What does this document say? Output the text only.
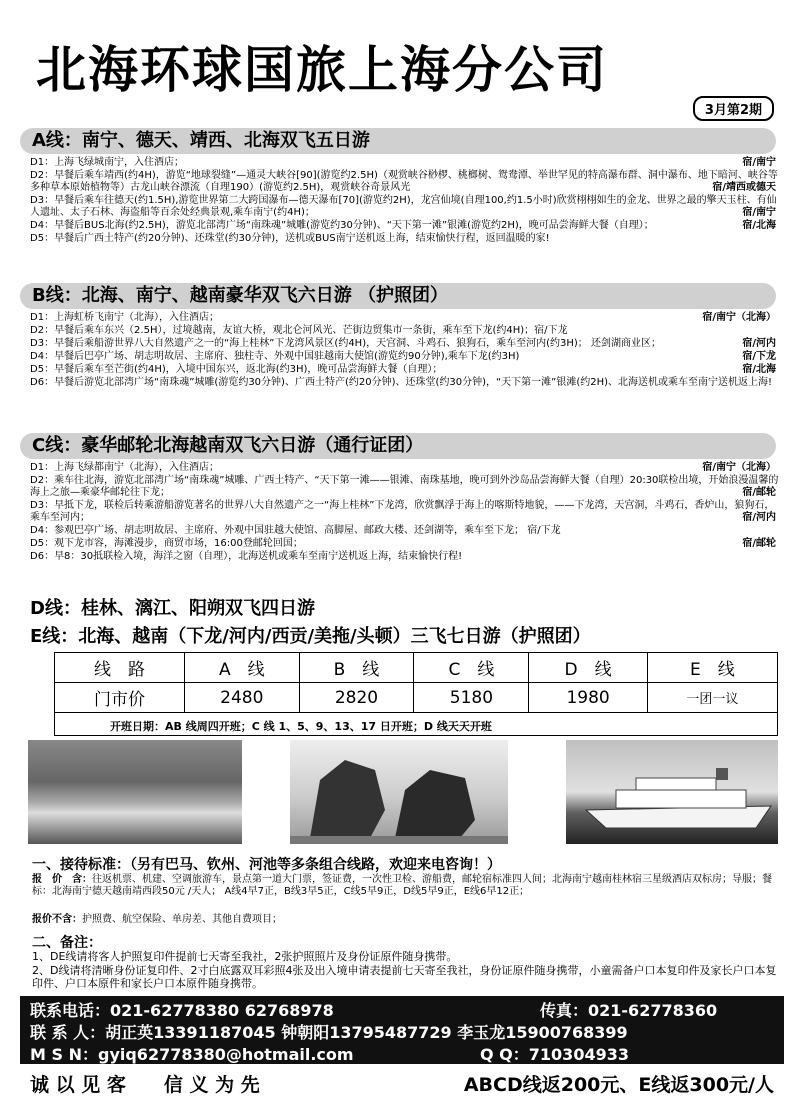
北海环球国旅上海分公司
3月第2期
A线：南宁、德天、靖西、北海双飞五日游
D1：上海飞绿城南宁，入住酒店；	宿/南宁
D2：早餐后乘车靖西(约4H)，游览“地球裂缝”—通灵大峡谷[90](游览约2.5H)（观赏峡谷桫椤、桃榔树、鸳鸯潭、举世罕见的特高瀑布群、洞中瀑布、地下暗河、峡谷等多种草本原始植物等）古龙山峡谷漂流（自理190）(游览约2.5H)，观赏峡谷奇景风光	宿/靖西或德天
D3：早餐后乘车往德天(约1.5H),游览世界第二大跨国瀑布—德天瀑布[70](游览约2H)，龙宫仙境(自理100,约1.5小时)欣赏栩栩如生的金龙、世界之最的擎天玉柱、有仙人遗址、太子石林、海盗船等百余处经典景观,乘车南宁(约4H)；	宿/南宁
D4：早餐后BUS北海(约2.5H)，游览北部湾广场“南珠魂”城雕(游览约30分钟)、“天下第一滩”银滩(游览约2H)，晚可品尝海鲜大餐（自理）；	宿/北海
D5：早餐后广西土特产(约20分钟)、还珠堂(约30分钟)，送机或BUS南宁送机返上海，结束愉快行程，返回温暖的家!
B线：北海、南宁、越南豪华双飞六日游 （护照团）
D1：上海虹桥飞南宁（北海），入住酒店；	宿/南宁（北海）
D2：早餐后乘车东兴（2.5H），过境越南，友谊大桥，观北仑河风光、芒街边贸集市一条街，乘车至下龙(约4H)；宿/下龙
D3：早餐后乘船游世界八大自然遗产之一的“海上桂林”下龙湾风景区(约4H)，天宫洞、斗鸡石、狼狗石，乘车至河内(约3H)； 还剑湖商业区；	宿/河内
D4：早餐后巴亭广场、胡志明故居、主席府、独柱寺、外观中国驻越南大使馆(游览约90分钟),乘车下龙(约3H)	宿/下龙
D5：早餐后乘车至芒街(约4H)，入境中国东兴，返北海(约3H)，晚可品尝海鲜大餐（自理）；	宿/北海
D6：早餐后游览北部湾广场“南珠魂”城雕(游览约30分钟)、广西土特产(约20分钟)、还珠堂(约30分钟)，“天下第一滩”银滩(约2H)、北海送机或乘车至南宁送机返上海!
C线：豪华邮轮北海越南双飞六日游（通行证团）
D1：上海飞绿都南宁（北海），入住酒店；	宿/南宁（北海）
D2：乘车往北海，游览北部湾广场“南珠魂”城雕、广西土特产、“天下第一滩——银滩、南珠基地，晚可到外沙岛品尝海鲜大餐（自理）20:30联检出境，开始浪漫温馨的海上之旅—乘豪华邮轮往下龙；	宿/邮轮
D3：早抵下龙，联检后转乘游船游览著名的世界八大自然遗产之一“海上桂林”下龙湾，欣赏飘浮于海上的喀斯特地貌，——下龙湾，天宫洞，斗鸡石，香炉山，狼狗石，乘车至河内；	宿/河内
D4：参观巴亭广场、胡志明故居、主席府、外观中国驻越大使馆、高脚屋、邮政大楼、还剑湖等，乘车至下龙； 宿/下龙
D5：观下龙市容，海滩漫步，商贸市场，16:00登邮轮回国；	宿/邮轮
D6：早8：30抵联检入境，海洋之窗（自理），北海送机或乘车至南宁送机返上海，结束愉快行程!
D线：桂林、漓江、阳朔双飞四日游
E线：北海、越南（下龙/河内/西贡/美拖/头顿）三飞七日游（护照团）
线　路	A　线	B　线	C　线	D　线	E　线
门市价	2480	2820	5180	1980	一团一议
开班日期：AB 线周四开班；C 线 1、5、9、13、17 日开班；D 线天天开班
一、接待标准：（另有巴马、钦州、河池等多条组合线路，欢迎来电咨询！）
报　价　含：往返机票、机建、空调旅游车，景点第一道大门票，签证费，一次性卫检、游船费，邮轮宿标准四人间；北海南宁越南桂林宿三星级酒店双标房；导服；餐标：北海南宁德天越南靖西段50元 /天人； A线4早7正，B线3早5正，C线5早9正，D线5早9正，E线6早12正；
报价不含：护照费、航空保险、单房差、其他自费项目；
二、备注：
1、DE线请将客人护照复印件提前七天寄至我社，2张护照照片及身份证原件随身携带。
2、D线请将清晰身份证复印件、2寸白底露双耳彩照4张及出入境申请表提前七天寄至我社，身份证原件随身携带，小童需备户口本复印件及家长户口本复印件、户口本原件和家长户口本原件随身携带。
联系电话：021-62778380 62768978	传真：021-62778360
联 系 人：胡正英13391187045 钟朝阳13795487729 李玉龙15900768399
M S N：gyiq62778380@hotmail.com	Q Q：710304933
诚 以 见 客　　信 义 为 先	ABCD线返200元、E线返300元/人
